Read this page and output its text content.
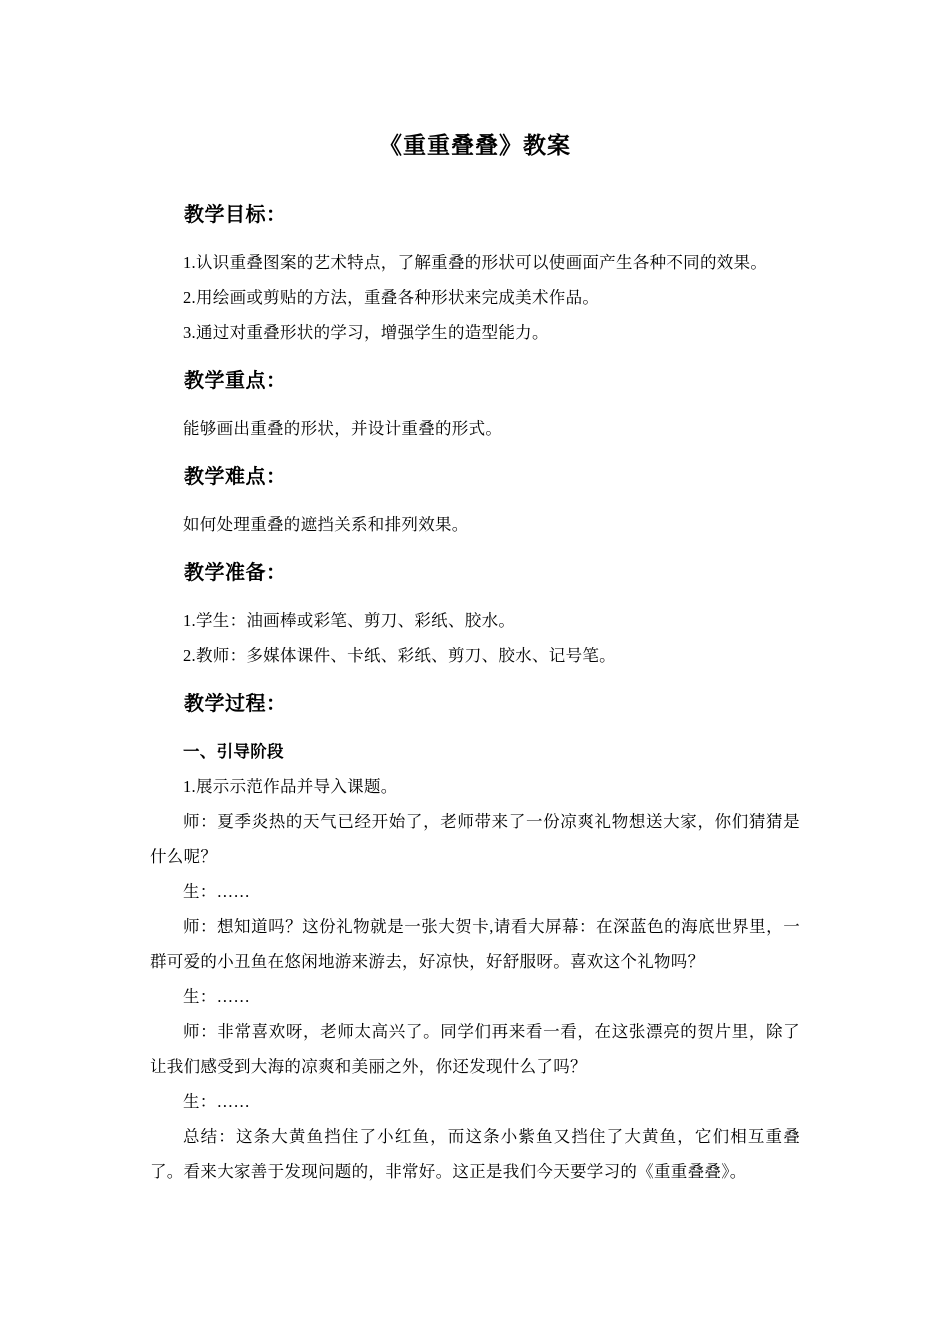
《重重叠叠》教案
教学目标：

1.认识重叠图案的艺术特点，了解重叠的形状可以使画面产生各种不同的效果。

2.用绘画或剪贴的方法，重叠各种形状来完成美术作品。

3.通过对重叠形状的学习，增强学生的造型能力。

教学重点：

能够画出重叠的形状，并设计重叠的形式。

教学难点：

如何处理重叠的遮挡关系和排列效果。

教学准备：

1.学生：油画棒或彩笔、剪刀、彩纸、胶水。

2.教师：多媒体课件、卡纸、彩纸、剪刀、胶水、记号笔。

教学过程：

一、引导阶段

1.展示示范作品并导入课题。

师：夏季炎热的天气已经开始了，老师带来了一份凉爽礼物想送大家，你们猜猜是什么呢？

生：……

师：想知道吗？这份礼物就是一张大贺卡,请看大屏幕：在深蓝色的海底世界里，一群可爱的小丑鱼在悠闲地游来游去，好凉快，好舒服呀。喜欢这个礼物吗？

生：……

师：非常喜欢呀，老师太高兴了。同学们再来看一看，在这张漂亮的贺片里，除了让我们感受到大海的凉爽和美丽之外，你还发现什么了吗？

生：……

总结：这条大黄鱼挡住了小红鱼，而这条小紫鱼又挡住了大黄鱼，它们相互重叠了。看来大家善于发现问题的，非常好。这正是我们今天要学习的《重重叠叠》。
